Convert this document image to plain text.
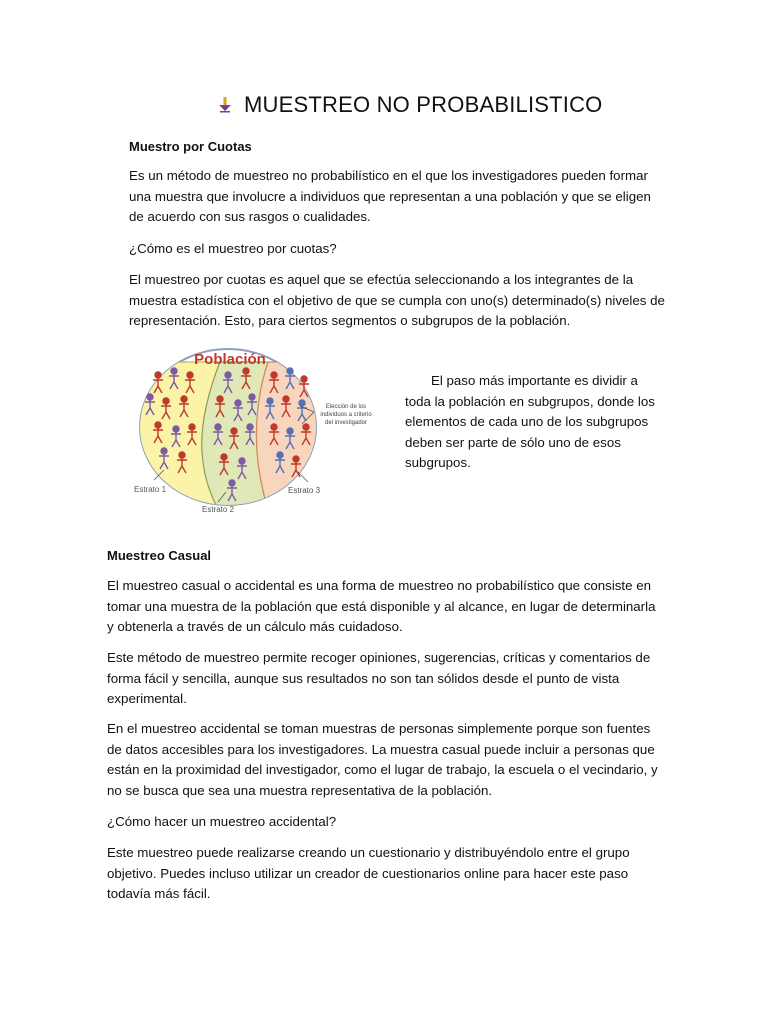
MUESTREO NO PROBABILISTICO
Muestro por Cuotas
Es un método de muestreo no probabilístico en el que los investigadores pueden formar una muestra que involucre a individuos que representan a una población y que se eligen de acuerdo con sus rasgos o cualidades.
¿Cómo es el muestreo por cuotas?
El muestreo por cuotas es aquel que se efectúa seleccionando a los integrantes de la muestra estadística con el objetivo de que se cumpla con uno(s) determinado(s) niveles de representación. Esto, para ciertos segmentos o subgrupos de la población.
Población
Elección de los
individuos a criterio
del investigador
Estrato 1
Estrato 2
Estrato 3
El paso más importante es dividir a toda la población en subgrupos, donde los elementos de cada uno de los subgrupos deben ser parte de sólo uno de esos subgrupos.
Muestreo Casual
El muestreo casual o accidental es una forma de muestreo no probabilístico que consiste en tomar una muestra de la población que está disponible y al alcance, en lugar de determinarla y obtenerla a través de un cálculo más cuidadoso.
Este método de muestreo permite recoger opiniones, sugerencias, críticas y comentarios de forma fácil y sencilla, aunque sus resultados no son tan sólidos desde el punto de vista experimental.
En el muestreo accidental se toman muestras de personas simplemente porque son fuentes de datos accesibles para los investigadores. La muestra casual puede incluir a personas que están en la proximidad del investigador, como el lugar de trabajo, la escuela o el vecindario, y no se busca que sea una muestra representativa de la población.
¿Cómo hacer un muestreo accidental?
Este muestreo puede realizarse creando un cuestionario y distribuyéndolo entre el grupo objetivo. Puedes incluso utilizar un creador de cuestionarios online para hacer este paso todavía más fácil.
